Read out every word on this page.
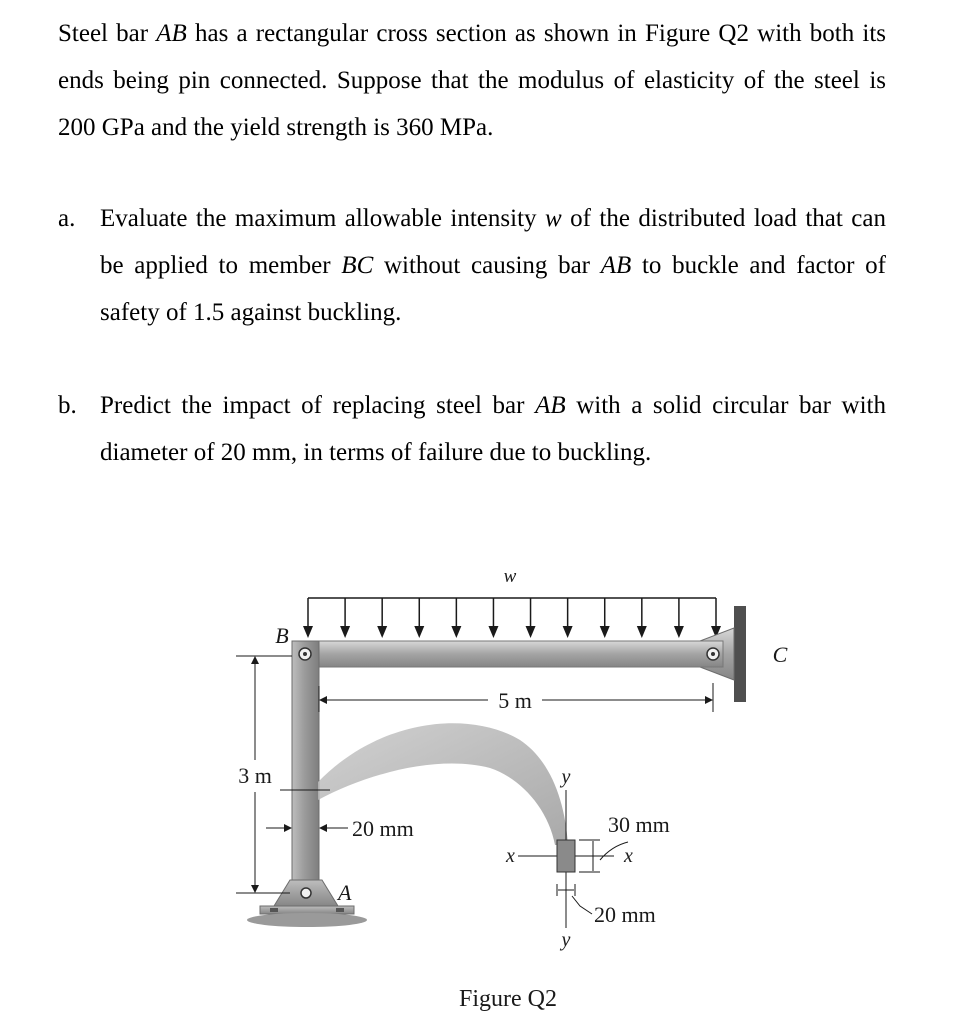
Steel bar AB has a rectangular cross section as shown in Figure Q2 with both its ends being pin connected. Suppose that the modulus of elasticity of the steel is 200 GPa and the yield strength is 360 MPa.
a. Evaluate the maximum allowable intensity w of the distributed load that can be applied to member BC without causing bar AB to buckle and factor of safety of 1.5 against buckling.
b. Predict the impact of replacing steel bar AB with a solid circular bar with diameter of 20 mm, in terms of failure due to buckling.
w
B
C
A
5 m
3 m
20 mm
y
y
x	x
30 mm
20 mm
Figure Q2
